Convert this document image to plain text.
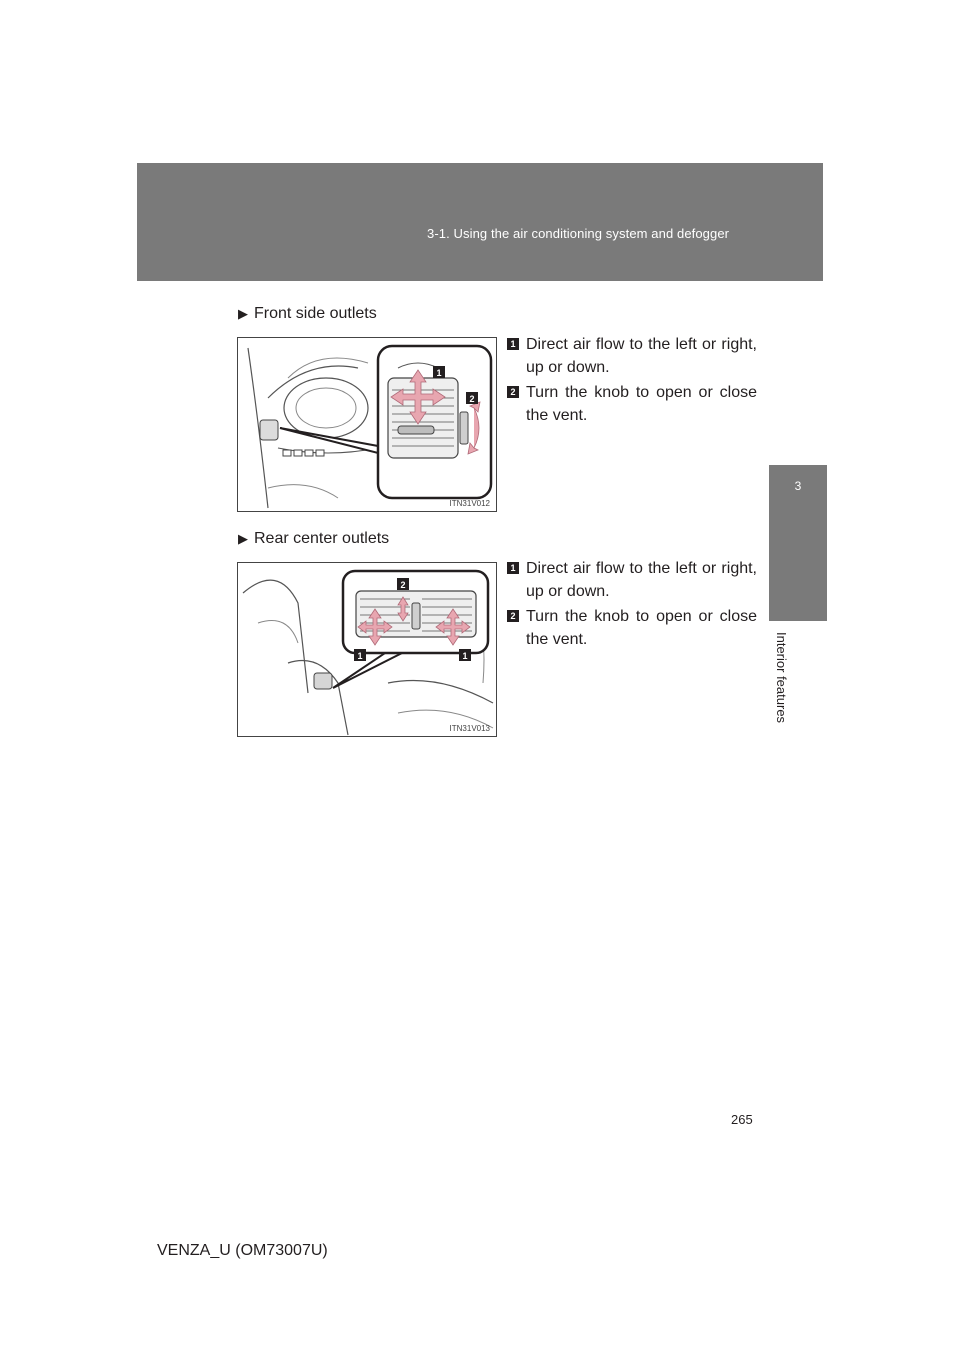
3-1. Using the air conditioning system and defogger
3
Interior features
▶ Front side outlets
1
2
ITN31V012
1 Direct air flow to the left or right, up or down.
2 Turn the knob to open or close the vent.
▶ Rear center outlets
2
1	1
ITN31V013
1 Direct air flow to the left or right, up or down.
2 Turn the knob to open or close the vent.
265
VENZA_U (OM73007U)
